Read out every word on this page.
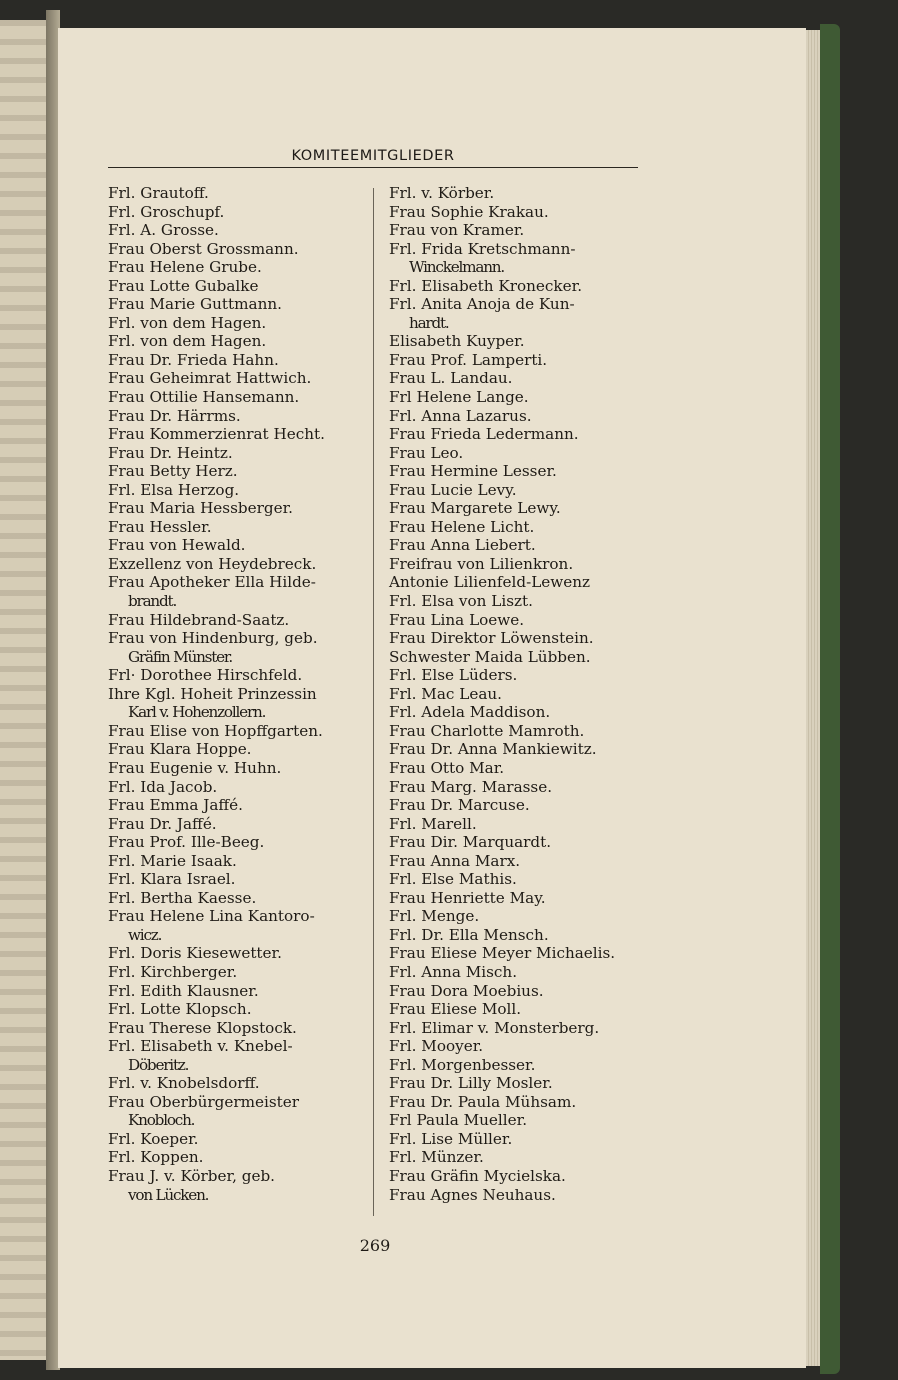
KOMITEEMITGLIEDER
Frl. Grautoff.
Frl. Groschupf.
Frl. A. Grosse.
Frau Oberst Grossmann.
Frau Helene Grube.
Frau Lotte Gubalke
Frau Marie Guttmann.
Frl. von dem Hagen.
Frl. von dem Hagen.
Frau Dr. Frieda Hahn.
Frau Geheimrat Hattwich.
Frau Ottilie Hansemann.
Frau Dr. Härrms.
Frau Kommerzienrat Hecht.
Frau Dr. Heintz.
Frau Betty Herz.
Frl. Elsa Herzog.
Frau Maria Hessberger.
Frau Hessler.
Frau von Hewald.
Exzellenz von Heydebreck.
Frau Apotheker Ella Hilde-
brandt.
Frau Hildebrand-Saatz.
Frau von Hindenburg, geb.
Gräfin Münster.
Frl· Dorothee Hirschfeld.
Ihre Kgl. Hoheit Prinzessin
Karl v. Hohenzollern.
Frau Elise von Hopffgarten.
Frau Klara Hoppe.
Frau Eugenie v. Huhn.
Frl. Ida Jacob.
Frau Emma Jaffé.
Frau Dr. Jaffé.
Frau Prof. Ille-Beeg.
Frl. Marie Isaak.
Frl. Klara Israel.
Frl. Bertha Kaesse.
Frau Helene Lina Kantoro-
wicz.
Frl. Doris Kiesewetter.
Frl. Kirchberger.
Frl. Edith Klausner.
Frl. Lotte Klopsch.
Frau Therese Klopstock.
Frl. Elisabeth v. Knebel-
Döberitz.
Frl. v. Knobelsdorff.
Frau Oberbürgermeister
Knobloch.
Frl. Koeper.
Frl. Koppen.
Frau J. v. Körber, geb.
von Lücken.
Frl. v. Körber.
Frau Sophie Krakau.
Frau von Kramer.
Frl. Frida Kretschmann-
Winckelmann.
Frl. Elisabeth Kronecker.
Frl. Anita Anoja de Kun-
hardt.
Elisabeth Kuyper.
Frau Prof. Lamperti.
Frau L. Landau.
Frl Helene Lange.
Frl. Anna Lazarus.
Frau Frieda Ledermann.
Frau Leo.
Frau Hermine Lesser.
Frau Lucie Levy.
Frau Margarete Lewy.
Frau Helene Licht.
Frau Anna Liebert.
Freifrau von Lilienkron.
Antonie Lilienfeld-Lewenz
Frl. Elsa von Liszt.
Frau Lina Loewe.
Frau Direktor Löwenstein.
Schwester Maida Lübben.
Frl. Else Lüders.
Frl. Mac Leau.
Frl. Adela Maddison.
Frau Charlotte Mamroth.
Frau Dr. Anna Mankiewitz.
Frau Otto Mar.
Frau Marg. Marasse.
Frau Dr. Marcuse.
Frl. Marell.
Frau Dir. Marquardt.
Frau Anna Marx.
Frl. Else Mathis.
Frau Henriette May.
Frl. Menge.
Frl. Dr. Ella Mensch.
Frau Eliese Meyer Michaelis.
Frl. Anna Misch.
Frau Dora Moebius.
Frau Eliese Moll.
Frl. Elimar v. Monsterberg.
Frl. Mooyer.
Frl. Morgenbesser.
Frau Dr. Lilly Mosler.
Frau Dr. Paula Mühsam.
Frl Paula Mueller.
Frl. Lise Müller.
Frl. Münzer.
Frau Gräfin Mycielska.
Frau Agnes Neuhaus.
269
